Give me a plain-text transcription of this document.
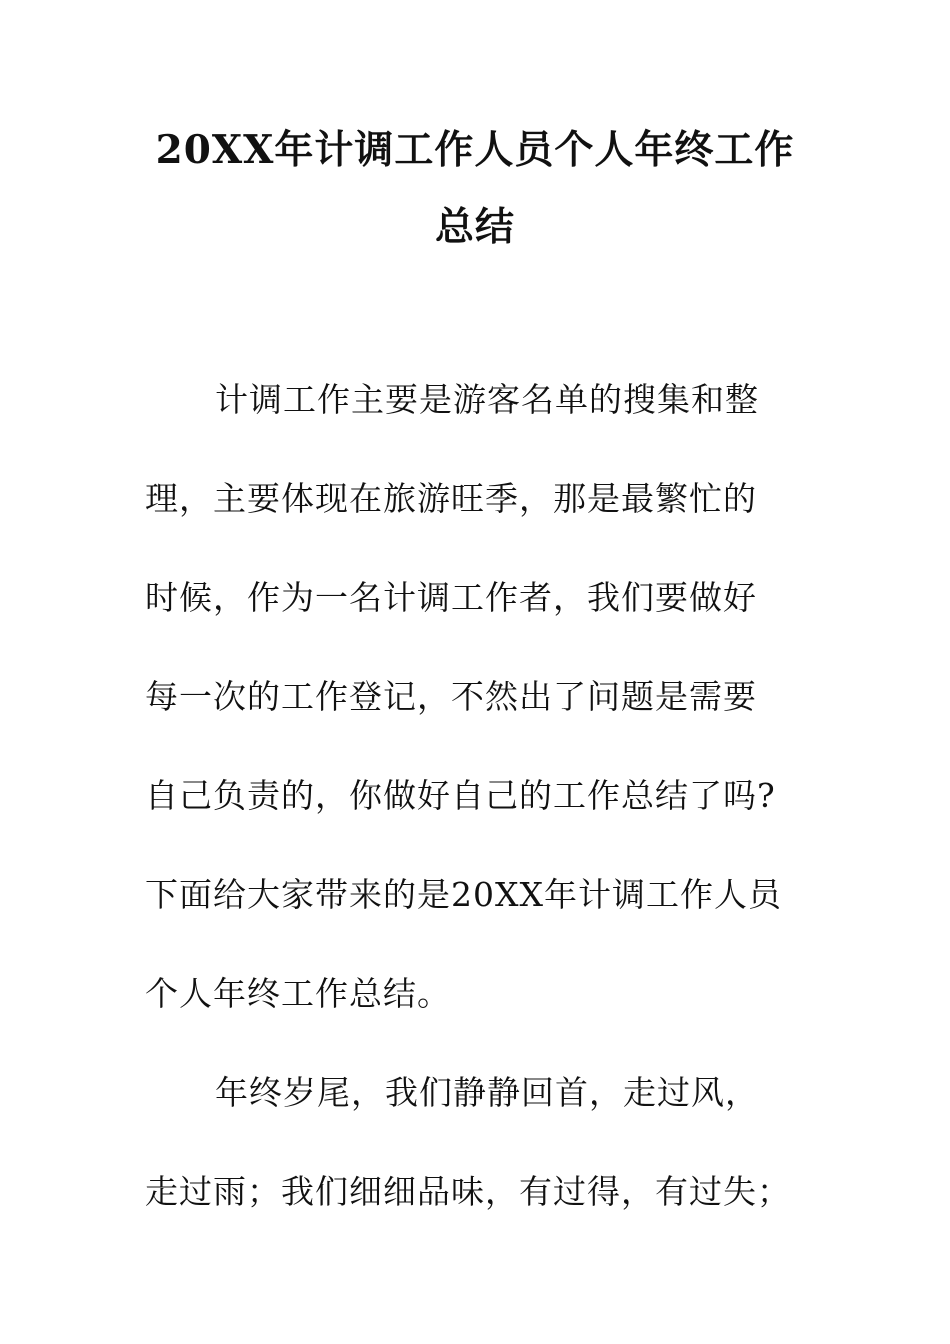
20XX年计调工作人员个人年终工作
总结
计调工作主要是游客名单的搜集和整
理，主要体现在旅游旺季，那是最繁忙的
时候，作为一名计调工作者，我们要做好
每一次的工作登记，不然出了问题是需要
自己负责的，你做好自己的工作总结了吗?
下面给大家带来的是20XX年计调工作人员
个人年终工作总结。
年终岁尾，我们静静回首，走过风，
走过雨；我们细细品味，有过得，有过失；
